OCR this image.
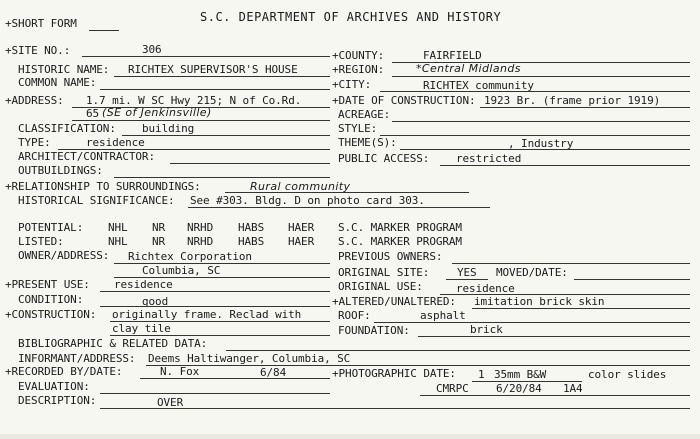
+SHORT FORM	S.C. DEPARTMENT OF ARCHIVES AND HISTORY
+SITE NO.:	306
HISTORIC NAME: RICHTEX SUPERVISOR'S HOUSE
COMMON NAME:
+ADDRESS: 1.7 mi. W SC Hwy 215; N of Co.Rd.
65 (SE of Jenkinsville)
CLASSIFICATION: building
TYPE:	residence
ARCHITECT/CONTRACTOR:
OUTBUILDINGS:
+RELATIONSHIP TO SURROUNDINGS:	Rural community
HISTORICAL SIGNIFICANCE: See #303. Bldg. D on photo card 303.
+COUNTY:	FAIRFIELD
+REGION:	*Central Midlands
+CITY:	RICHTEX community
+DATE OF CONSTRUCTION: 1923 Br. (frame prior 1919)
ACREAGE:
STYLE:
THEME(S):	, Industry
PUBLIC ACCESS: restricted
POTENTIAL: NHL NR NRHD HABS HAER S.C. MARKER PROGRAM
LISTED:	NHL NR NRHD HABS HAER S.C. MARKER PROGRAM
OWNER/ADDRESS: Richtex Corporation
Columbia, SC
PREVIOUS OWNERS:
ORIGINAL SITE:	YES MOVED/DATE:
+PRESENT USE: residence	ORIGINAL USE:	residence
CONDITION:	good	+ALTERED/UNALTERED: imitation brick skin
+CONSTRUCTION: originally frame. Reclad with
clay tile
ROOF:	asphalt
FOUNDATION:	brick
BIBLIOGRAPHIC & RELATED DATA:
INFORMANT/ADDRESS: Deems Haltiwanger, Columbia, SC
+RECORDED BY/DATE:	N. Fox	6/84	+PHOTOGRAPHIC DATE: 1 35mm B&W	color slides
CMRPC 6/20/84 1A4
EVALUATION:
DESCRIPTION:	OVER
